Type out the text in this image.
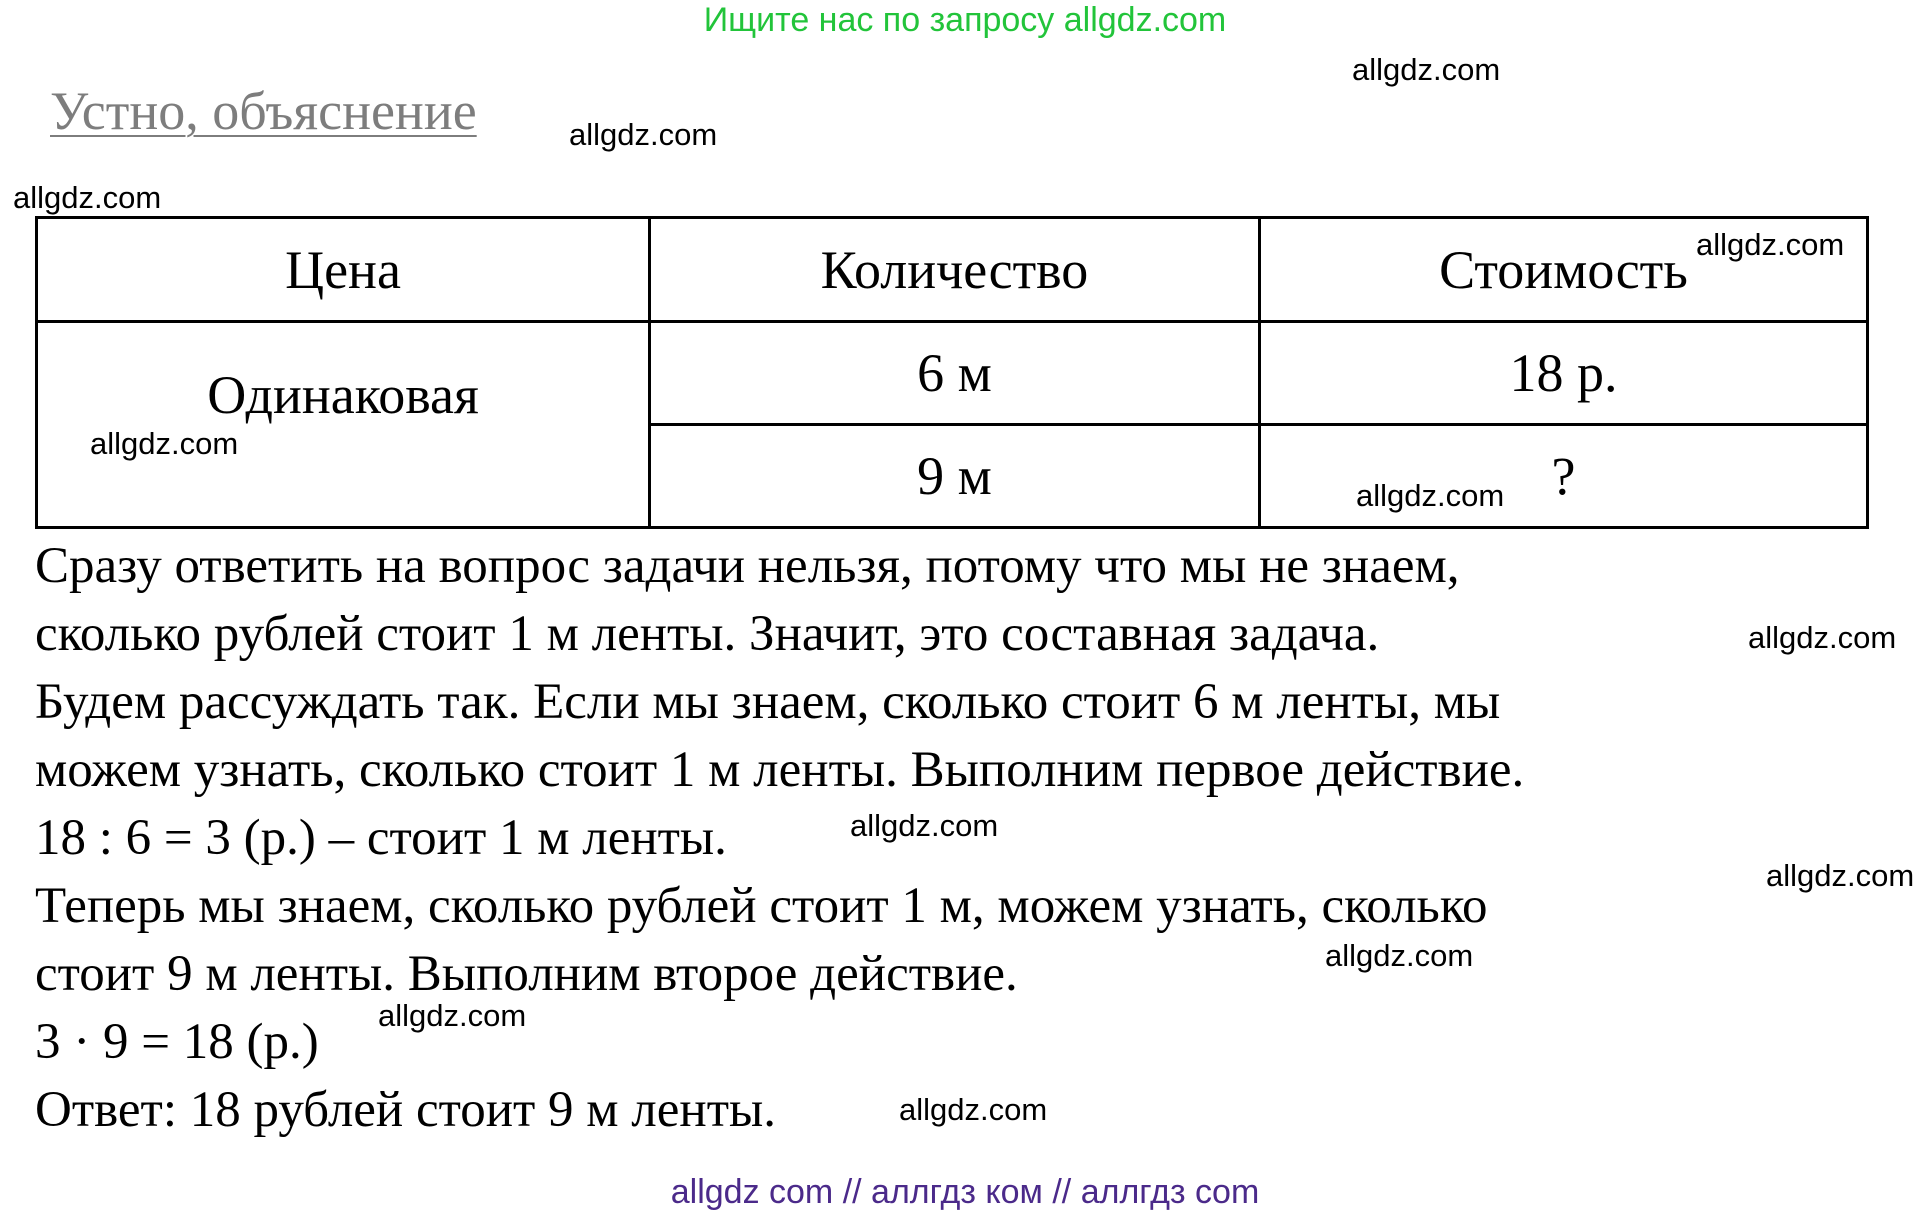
Ищите нас по запросу allgdz.com
Устно, объяснение
allgdz.com
allgdz.com
allgdz.com
Цена	Количество	Стоимость
Одинаковая	6 м	18 р.
	9 м	?
allgdz.com
allgdz.com
allgdz.com
Сразу ответить на вопрос задачи нельзя, потому что мы не знаем,
сколько рублей стоит 1 м ленты. Значит, это составная задача.
Будем рассуждать так. Если мы знаем, сколько стоит 6 м ленты, мы
можем узнать, сколько стоит 1 м ленты. Выполним первое действие.
18 : 6 = 3 (р.) – стоит 1 м ленты.
Теперь мы знаем, сколько рублей стоит 1 м, можем узнать, сколько
стоит 9 м ленты. Выполним второе действие.
3 · 9 = 18 (р.)
Ответ: 18 рублей стоит 9 м ленты.
allgdz.com
allgdz.com
allgdz.com
allgdz.com
allgdz.com
allgdz.com
allgdz com // аллгдз ком // аллгдз com
